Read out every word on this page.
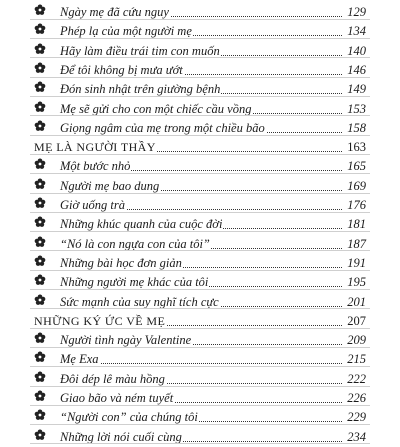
Ngày mẹ đã cứu nguy	129
Phép lạ của một người mẹ	134
Hãy làm điều trái tim con muốn	140
Để tôi không bị mưa ướt	146
Đón sinh nhật trên giường bệnh	149
Mẹ sẽ gửi cho con một chiếc cầu vồng	153
Giọng ngâm của mẹ trong một chiều bão	158
MẸ LÀ NGƯỜI THẦY	163
Một bước nhỏ	165
Người mẹ bao dung	169
Giờ uống trà	176
Những khúc quanh của cuộc đời	181
“Nó là con ngựa con của tôi”	187
Những bài học đơn giản	191
Những người mẹ khác của tôi	195
Sức mạnh của suy nghĩ tích cực	201
NHỮNG KÝ ỨC VỀ MẸ	207
Người tình ngày Valentine	209
Mẹ Exa	215
Đôi dép lê màu hồng	222
Giao bão và ném tuyết	226
“Người con” của chúng tôi	229
Những lời nói cuối cùng	234
